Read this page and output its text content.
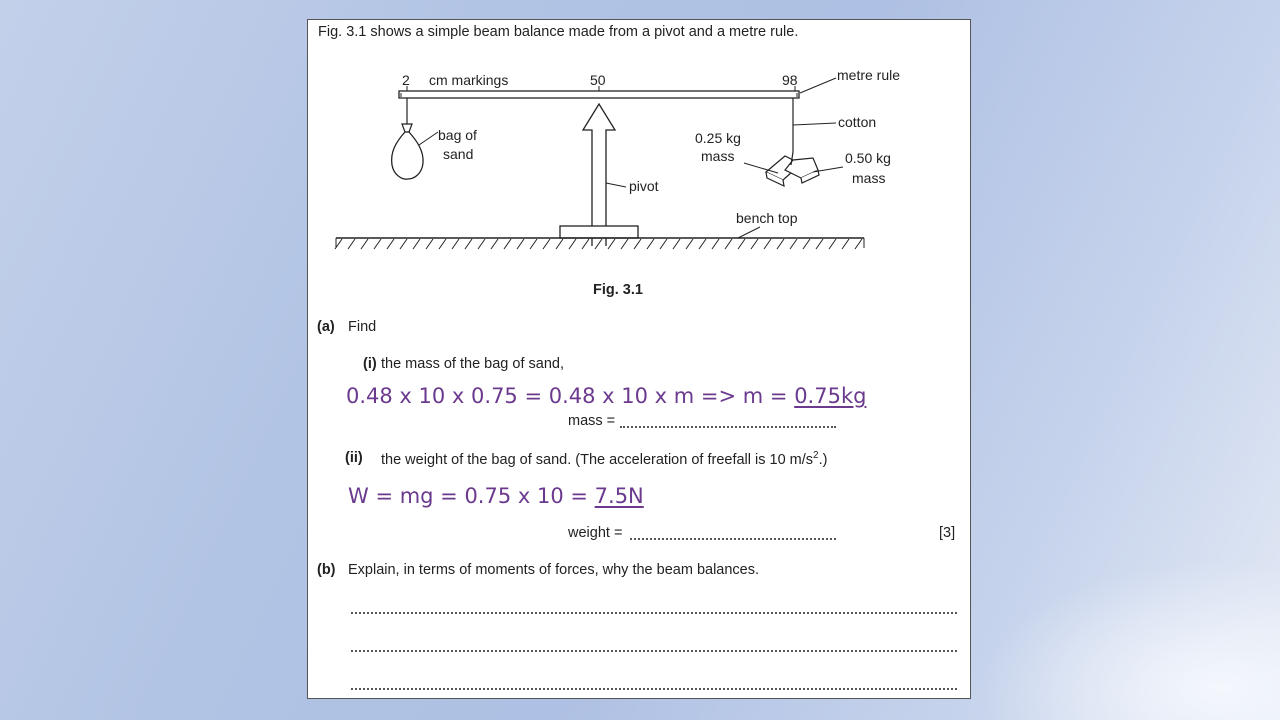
Fig. 3.1 shows a simple beam balance made from a pivot and a metre rule.
2 cm markings	50	98	metre rule
bag of
sand
cotton
0.25 kg
mass	0.50 kg
mass
pivot
bench top
Fig. 3.1
(a) Find
(i) the mass of the bag of sand,
0.48 x 10 x 0.75 = 0.48 x 10 x m => m = 0.75kg
mass =
(ii) the weight of the bag of sand. (The acceleration of freefall is 10 $m/s^2$.)
W = mg = 0.75 x 10 = 7.5N
weight =	[3]
(b) Explain, in terms of moments of forces, why the beam balances.
